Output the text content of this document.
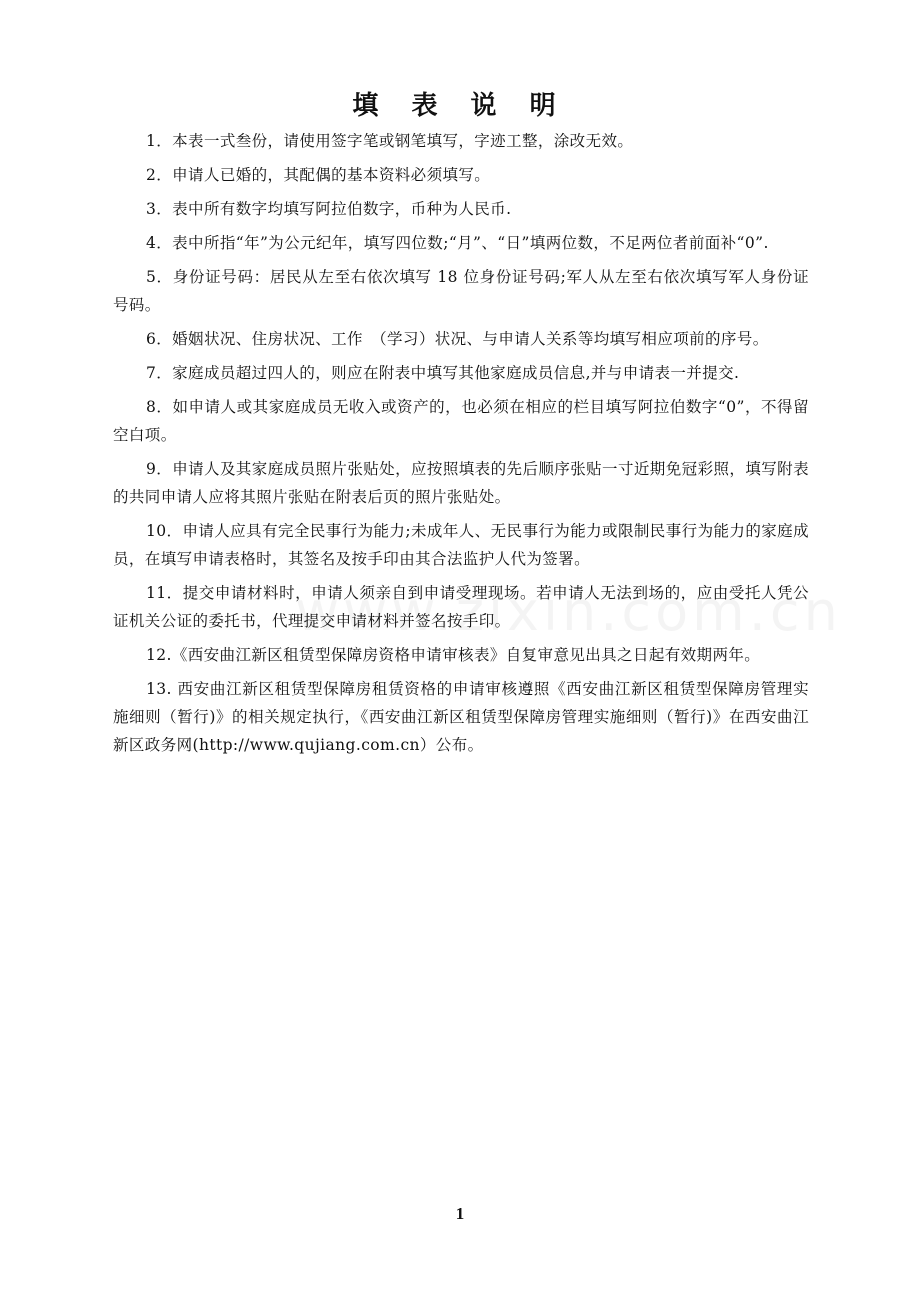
填 表 说 明
1．本表一式叁份，请使用签字笔或钢笔填写，字迹工整，涂改无效。
2．申请人已婚的，其配偶的基本资料必须填写。
3．表中所有数字均填写阿拉伯数字，币种为人民币.
4．表中所指“年”为公元纪年，填写四位数;“月”、“日”填两位数，不足两位者前面补“0”.
5．身份证号码：居民从左至右依次填写 18 位身份证号码;军人从左至右依次填写军人身份证号码。
6．婚姻状况、住房状况、工作　（学习）状况、与申请人关系等均填写相应项前的序号。
7．家庭成员超过四人的，则应在附表中填写其他家庭成员信息,并与申请表一并提交.
8．如申请人或其家庭成员无收入或资产的，也必须在相应的栏目填写阿拉伯数字“0”，不得留空白项。
9．申请人及其家庭成员照片张贴处，应按照填表的先后顺序张贴一寸近期免冠彩照，填写附表的共同申请人应将其照片张贴在附表后页的照片张贴处。
10．申请人应具有完全民事行为能力;未成年人、无民事行为能力或限制民事行为能力的家庭成员，在填写申请表格时，其签名及按手印由其合法监护人代为签署。
11．提交申请材料时，申请人须亲自到申请受理现场。若申请人无法到场的，应由受托人凭公证机关公证的委托书，代理提交申请材料并签名按手印。
12.《西安曲江新区租赁型保障房资格申请审核表》自复审意见出具之日起有效期两年。
13. 西安曲江新区租赁型保障房租赁资格的申请审核遵照《西安曲江新区租赁型保障房管理实施细则（暂行)》的相关规定执行，《西安曲江新区租赁型保障房管理实施细则（暂行)》在西安曲江新区政务网(http://www.qujiang.com.cn）公布。
1
